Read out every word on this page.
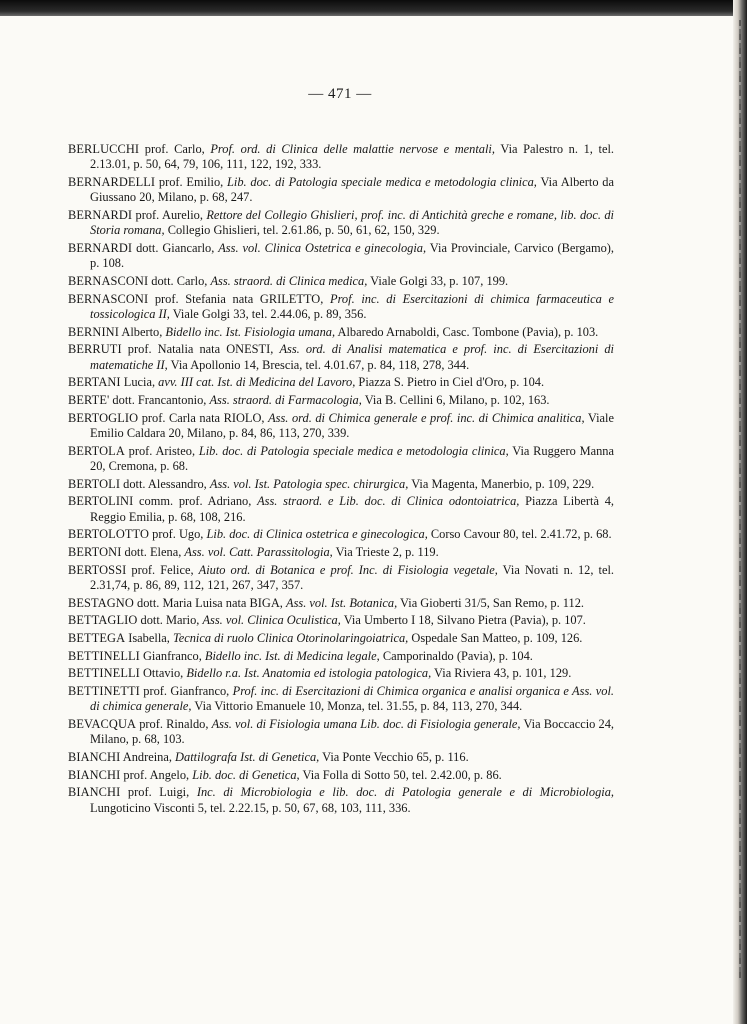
— 471 —

BERLUCCHI prof. Carlo, Prof. ord. di Clinica delle malattie nervose e mentali, Via Palestro n. 1, tel. 2.13.01, p. 50, 64, 79, 106, 111, 122, 192, 333.

BERNARDELLI prof. Emilio, Lib. doc. di Patologia speciale medica e metodologia clinica, Via Alberto da Giussano 20, Milano, p. 68, 247.

BERNARDI prof. Aurelio, Rettore del Collegio Ghislieri, prof. inc. di Antichità greche e romane, lib. doc. di Storia romana, Collegio Ghislieri, tel. 2.61.86, p. 50, 61, 62, 150, 329.

BERNARDI dott. Giancarlo, Ass. vol. Clinica Ostetrica e ginecologia, Via Provinciale, Carvico (Bergamo), p. 108.

BERNASCONI dott. Carlo, Ass. straord. di Clinica medica, Viale Golgi 33, p. 107, 199.

BERNASCONI prof. Stefania nata GRILETTO, Prof. inc. di Esercitazioni di chimica farmaceutica e tossicologica II, Viale Golgi 33, tel. 2.44.06, p. 89, 356.

BERNINI Alberto, Bidello inc. Ist. Fisiologia umana, Albaredo Arnaboldi, Casc. Tombone (Pavia), p. 103.

BERRUTI prof. Natalia nata ONESTI, Ass. ord. di Analisi matematica e prof. inc. di Esercitazioni di matematiche II, Via Apollonio 14, Brescia, tel. 4.01.67, p. 84, 118, 278, 344.

BERTANI Lucia, avv. III cat. Ist. di Medicina del Lavoro, Piazza S. Pietro in Ciel d'Oro, p. 104.

BERTE' dott. Francantonio, Ass. straord. di Farmacologia, Via B. Cellini 6, Milano, p. 102, 163.

BERTOGLIO prof. Carla nata RIOLO, Ass. ord. di Chimica generale e prof. inc. di Chimica analitica, Viale Emilio Caldara 20, Milano, p. 84, 86, 113, 270, 339.

BERTOLA prof. Aristeo, Lib. doc. di Patologia speciale medica e metodologia clinica, Via Ruggero Manna 20, Cremona, p. 68.

BERTOLI dott. Alessandro, Ass. vol. Ist. Patologia spec. chirurgica, Via Magenta, Manerbio, p. 109, 229.

BERTOLINI comm. prof. Adriano, Ass. straord. e Lib. doc. di Clinica odontoiatrica, Piazza Libertà 4, Reggio Emilia, p. 68, 108, 216.

BERTOLOTTO prof. Ugo, Lib. doc. di Clinica ostetrica e ginecologica, Corso Cavour 80, tel. 2.41.72, p. 68.

BERTONI dott. Elena, Ass. vol. Catt. Parassitologia, Via Trieste 2, p. 119.

BERTOSSI prof. Felice, Aiuto ord. di Botanica e prof. Inc. di Fisiologia vegetale, Via Novati n. 12, tel. 2.31,74, p. 86, 89, 112, 121, 267, 347, 357.

BESTAGNO dott. Maria Luisa nata BIGA, Ass. vol. Ist. Botanica, Via Gioberti 31/5, San Remo, p. 112.

BETTAGLIO dott. Mario, Ass. vol. Clinica Oculistica, Via Umberto I 18, Silvano Pietra (Pavia), p. 107.

BETTEGA Isabella, Tecnica di ruolo Clinica Otorinolaringoiatrica, Ospedale San Matteo, p. 109, 126.

BETTINELLI Gianfranco, Bidello inc. Ist. di Medicina legale, Camporinaldo (Pavia), p. 104.

BETTINELLI Ottavio, Bidello r.a. Ist. Anatomia ed istologia patologica, Via Riviera 43, p. 101, 129.

BETTINETTI prof. Gianfranco, Prof. inc. di Esercitazioni di Chimica organica e analisi organica e Ass. vol. di chimica generale, Via Vittorio Emanuele 10, Monza, tel. 31.55, p. 84, 113, 270, 344.

BEVACQUA prof. Rinaldo, Ass. vol. di Fisiologia umana Lib. doc. di Fisiologia generale, Via Boccaccio 24, Milano, p. 68, 103.

BIANCHI Andreina, Dattilografa Ist. di Genetica, Via Ponte Vecchio 65, p. 116.

BIANCHI prof. Angelo, Lib. doc. di Genetica, Via Folla di Sotto 50, tel. 2.42.00, p. 86.

BIANCHI prof. Luigi, Inc. di Microbiologia e lib. doc. di Patologia generale e di Microbiologia, Lungoticino Visconti 5, tel. 2.22.15, p. 50, 67, 68, 103, 111, 336.
